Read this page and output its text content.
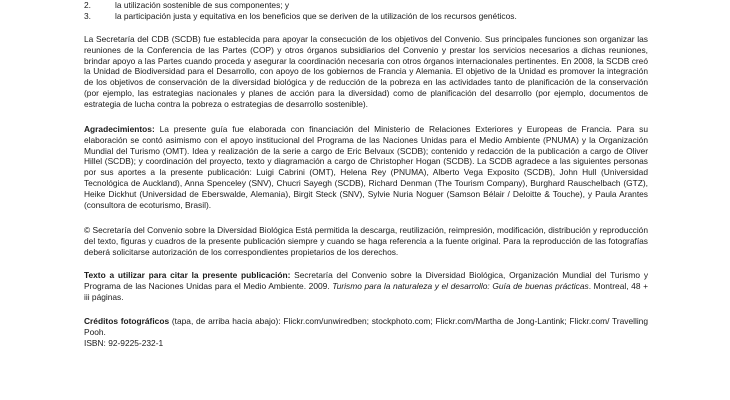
2.	la utilización sostenible de sus componentes; y
3.	la participación justa y equitativa en los beneficios que se deriven de la utilización de los recursos genéticos.

La Secretaría del CDB (SCDB) fue establecida para apoyar la consecución de los objetivos del Convenio. Sus principales funciones son organizar las reuniones de la Conferencia de las Partes (COP) y otros órganos subsidiarios del Convenio y prestar los servicios necesarios a dichas reuniones, brindar apoyo a las Partes cuando proceda y asegurar la coordinación necesaria con otros órganos internacionales pertinentes. En 2008, la SCDB creó la Unidad de Biodiversidad para el Desarrollo, con apoyo de los gobiernos de Francia y Alemania. El objetivo de la Unidad es promover la integración de los objetivos de conservación de la diversidad biológica y de reducción de la pobreza en las actividades tanto de planificación de la conservación (por ejemplo, las estrategias nacionales y planes de acción para la diversidad) como de planificación del desarrollo (por ejemplo, documentos de estrategia de lucha contra la pobreza o estrategias de desarrollo sostenible).

Agradecimientos: La presente guía fue elaborada con financiación del Ministerio de Relaciones Exteriores y Europeas de Francia. Para su elaboración se contó asimismo con el apoyo institucional del Programa de las Naciones Unidas para el Medio Ambiente (PNUMA) y la Organización Mundial del Turismo (OMT). Idea y realización de la serie a cargo de Eric Belvaux (SCDB); contenido y redacción de la publicación a cargo de Oliver Hillel (SCDB); y coordinación del proyecto, texto y diagramación a cargo de Christopher Hogan (SCDB). La SCDB agradece a las siguientes personas por sus aportes a la presente publicación: Luigi Cabrini (OMT), Helena Rey (PNUMA), Alberto Vega Exposito (SCDB), John Hull (Universidad Tecnológica de Auckland), Anna Spenceley (SNV), Chucri Sayegh (SCDB), Richard Denman (The Tourism Company), Burghard Rauschelbach (GTZ), Heike Dickhut (Universidad de Eberswalde, Alemania), Birgit Steck (SNV), Sylvie Nuria Noguer (Samson Bélair / Deloitte & Touche), y Paula Arantes (consultora de ecoturismo, Brasil).

© Secretaría del Convenio sobre la Diversidad Biológica Está permitida la descarga, reutilización, reimpresión, modificación, distribución y reproducción del texto, figuras y cuadros de la presente publicación siempre y cuando se haga referencia a la fuente original. Para la reproducción de las fotografías deberá solicitarse autorización de los correspondientes propietarios de los derechos.

Texto a utilizar para citar la presente publicación: Secretaría del Convenio sobre la Diversidad Biológica, Organización Mundial del Turismo y Programa de las Naciones Unidas para el Medio Ambiente. 2009. Turismo para la naturaleza y el desarrollo: Guía de buenas prácticas. Montreal, 48 + iii páginas.

Créditos fotográficos (tapa, de arriba hacia abajo): Flickr.com/unwiredben; stockphoto.com; Flickr.com/Martha de Jong-Lantink; Flickr.com/ Travelling Pooh.

ISBN: 92-9225-232-1
